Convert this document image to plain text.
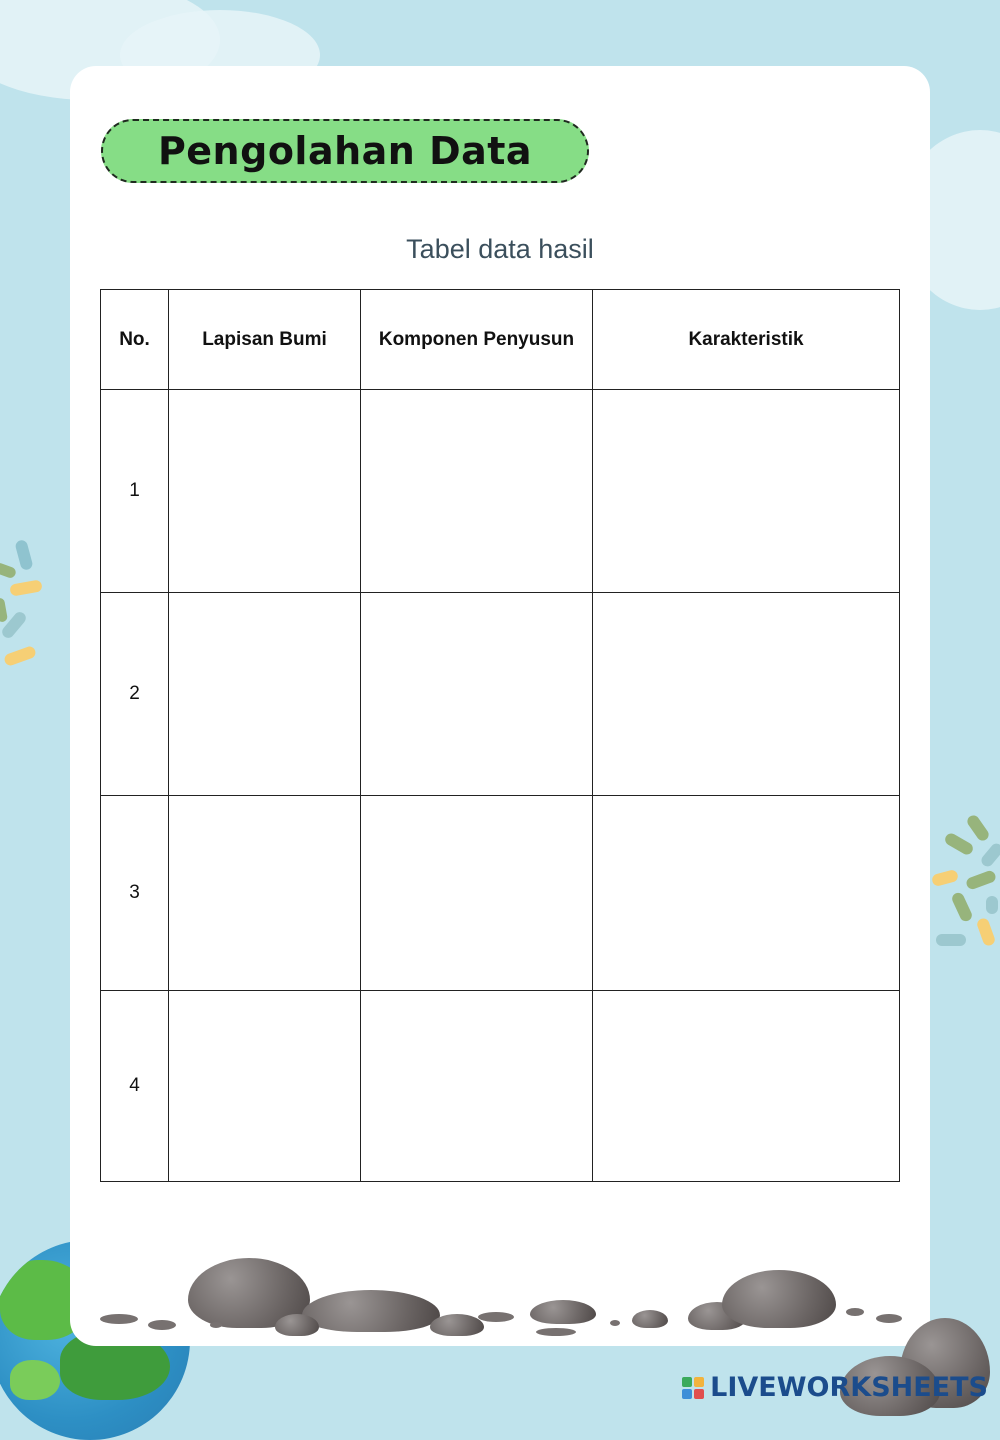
Pengolahan Data
Tabel data hasil
No.	Lapisan Bumi	Komponen Penyusun	Karakteristik
1			
2			
3			
4			
LIVEWORKSHEETS
